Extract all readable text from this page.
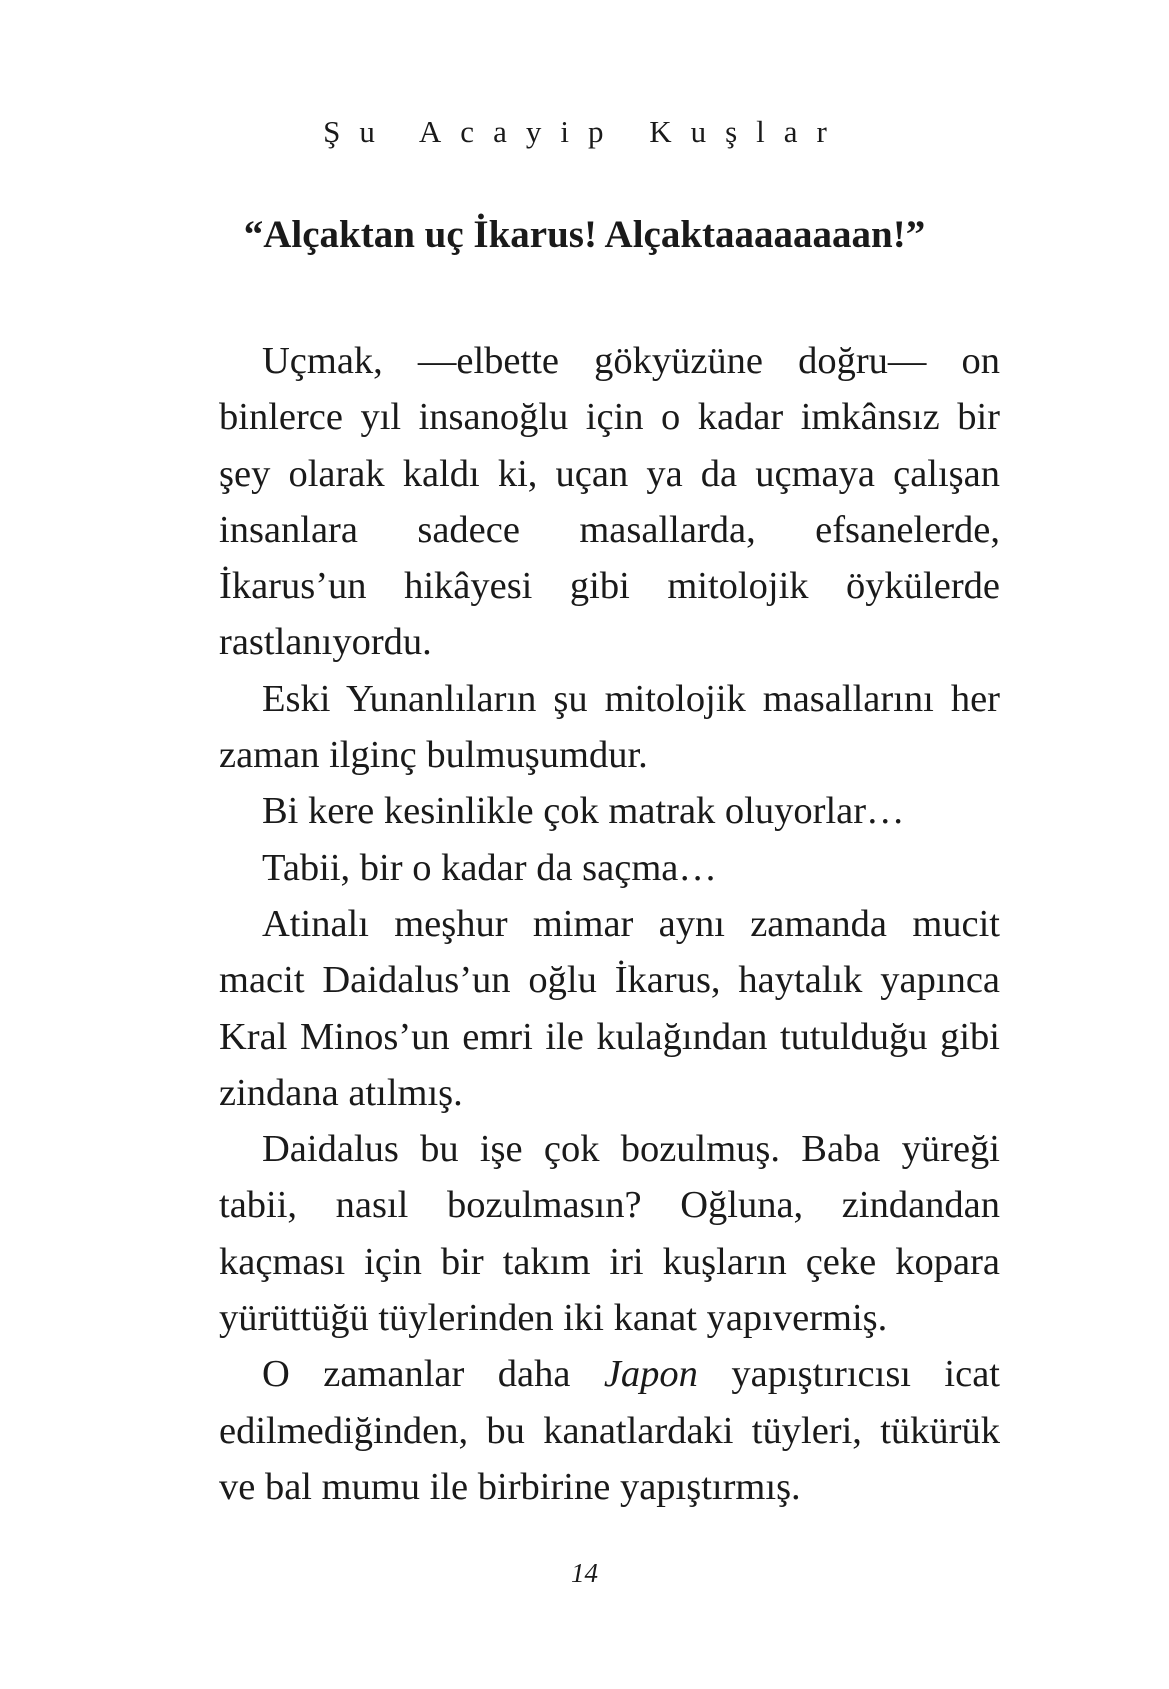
Şu Acayip Kuşlar
“Alçaktan uç İkarus! Alçaktaaaaaaaan!”

Uçmak, —elbette gökyüzüne doğru— on binlerce yıl insanoğlu için o kadar imkânsız bir şey olarak kaldı ki, uçan ya da uçmaya çalışan insanlara sadece masallarda, efsanelerde, İkarus’un hikâyesi gibi mitolojik öykülerde rastlanıyordu.

Eski Yunanlıların şu mitolojik masallarını her zaman ilginç bulmuşumdur.

Bi kere kesinlikle çok matrak oluyorlar…

Tabii, bir o kadar da saçma…

Atinalı meşhur mimar aynı zamanda mucit macit Daidalus’un oğlu İkarus, haytalık yapınca Kral Minos’un emri ile kulağından tutulduğu gibi zindana atılmış.

Daidalus bu işe çok bozulmuş. Baba yüreği tabii, nasıl bozulmasın? Oğluna, zindandan kaçması için bir takım iri kuşların çeke kopara yürüttüğü tüylerinden iki kanat yapıvermiş.

O zamanlar daha Japon yapıştırıcısı icat edilmediğinden, bu kanatlardaki tüyleri, tükürük ve bal mumu ile birbirine yapıştırmış.

14
